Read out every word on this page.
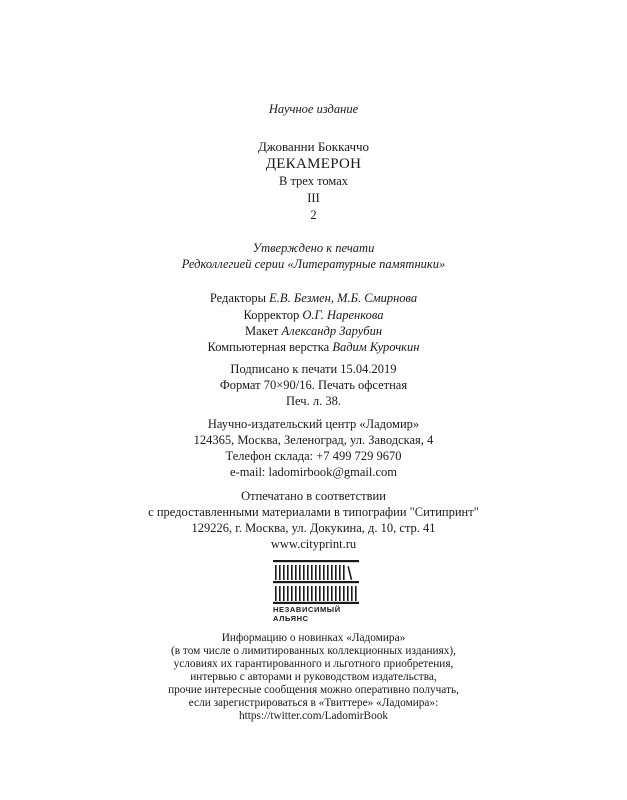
Научное издание
Джованни Боккаччо
ДЕКАМЕРОН
В трех томах
III
2
Утверждено к печати
Редколлегией серии «Литературные памятники»
Редакторы Е.В. Безмен, М.Б. Смирнова
Корректор О.Г. Наренкова
Макет Александр Зарубин
Компьютерная верстка Вадим Курочкин
Подписано к печати 15.04.2019
Формат 70×90/16. Печать офсетная
Печ. л. 38.
Научно-издательский центр «Ладомир»
124365, Москва, Зеленоград, ул. Заводская, 4
Телефон склада: +7 499 729 9670
e-mail: ladomirbook@gmail.com
Отпечатано в соответствии
с предоставленными материалами в типографии "Ситипринт"
129226, г. Москва, ул. Докукина, д. 10, стр. 41
www.cityprint.ru
НЕЗАВИСИМЫЙ
АЛЬЯНС
Информацию о новинках «Ладомира»
(в том числе о лимитированных коллекционных изданиях),
условиях их гарантированного и льготного приобретения,
интервью с авторами и руководством издательства,
прочие интересные сообщения можно оперативно получать,
если зарегистрироваться в «Твиттере» «Ладомира»:
https://twitter.com/LadomirBook
